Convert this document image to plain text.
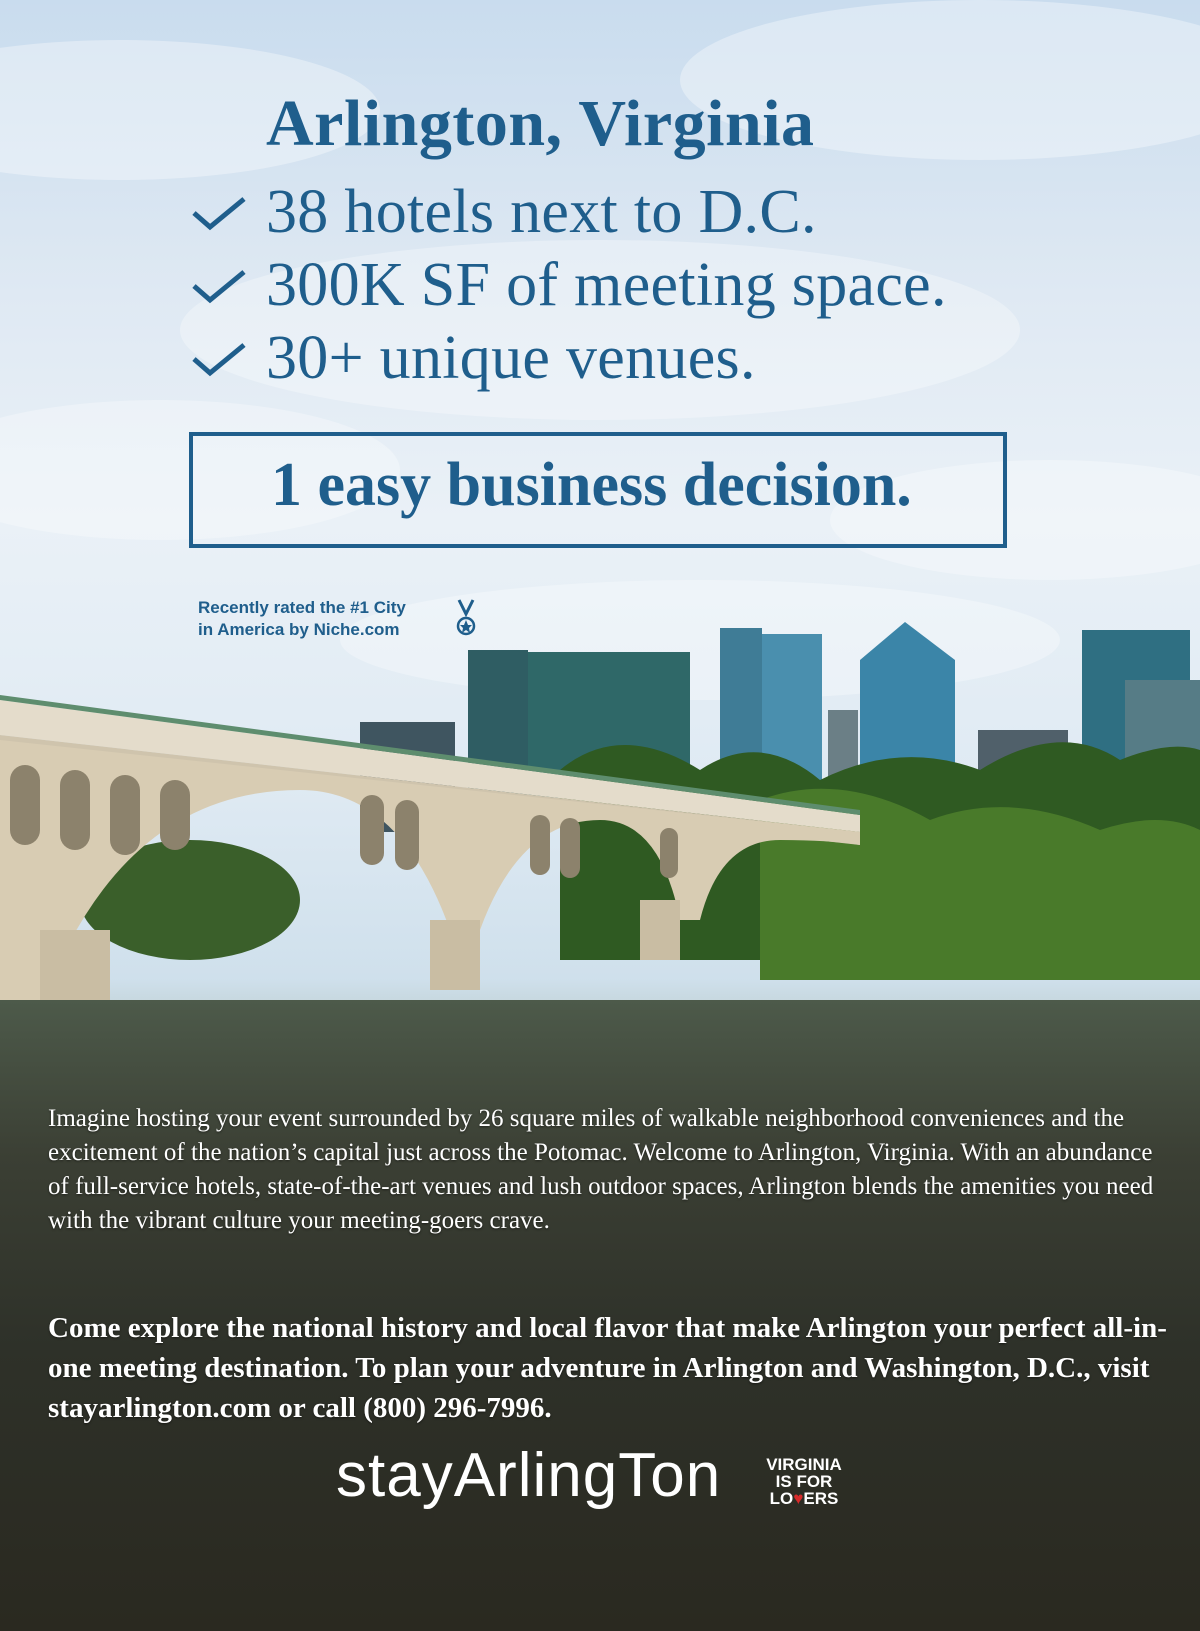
Arlington, Virginia
38 hotels next to D.C.
300K SF of meeting space.
30+ unique venues.

1 easy business decision.

Recently rated the #1 City
in America by Niche.com

Imagine hosting your event surrounded by 26 square miles of walkable neighborhood conveniences and the excitement of the nation’s capital just across the Potomac. Welcome to Arlington, Virginia. With an abundance of full-service hotels, state-of-the-art venues and lush outdoor spaces, Arlington blends the amenities you need with the vibrant culture your meeting-goers crave.

Come explore the national history and local flavor that make Arlington your perfect all-in-one meeting destination. To plan your adventure in Arlington and Washington, D.C., visit stayarlington.com or call (800) 296-7996.

stayArlingTon	VIRGINIA
IS FOR
LO♥ERS
